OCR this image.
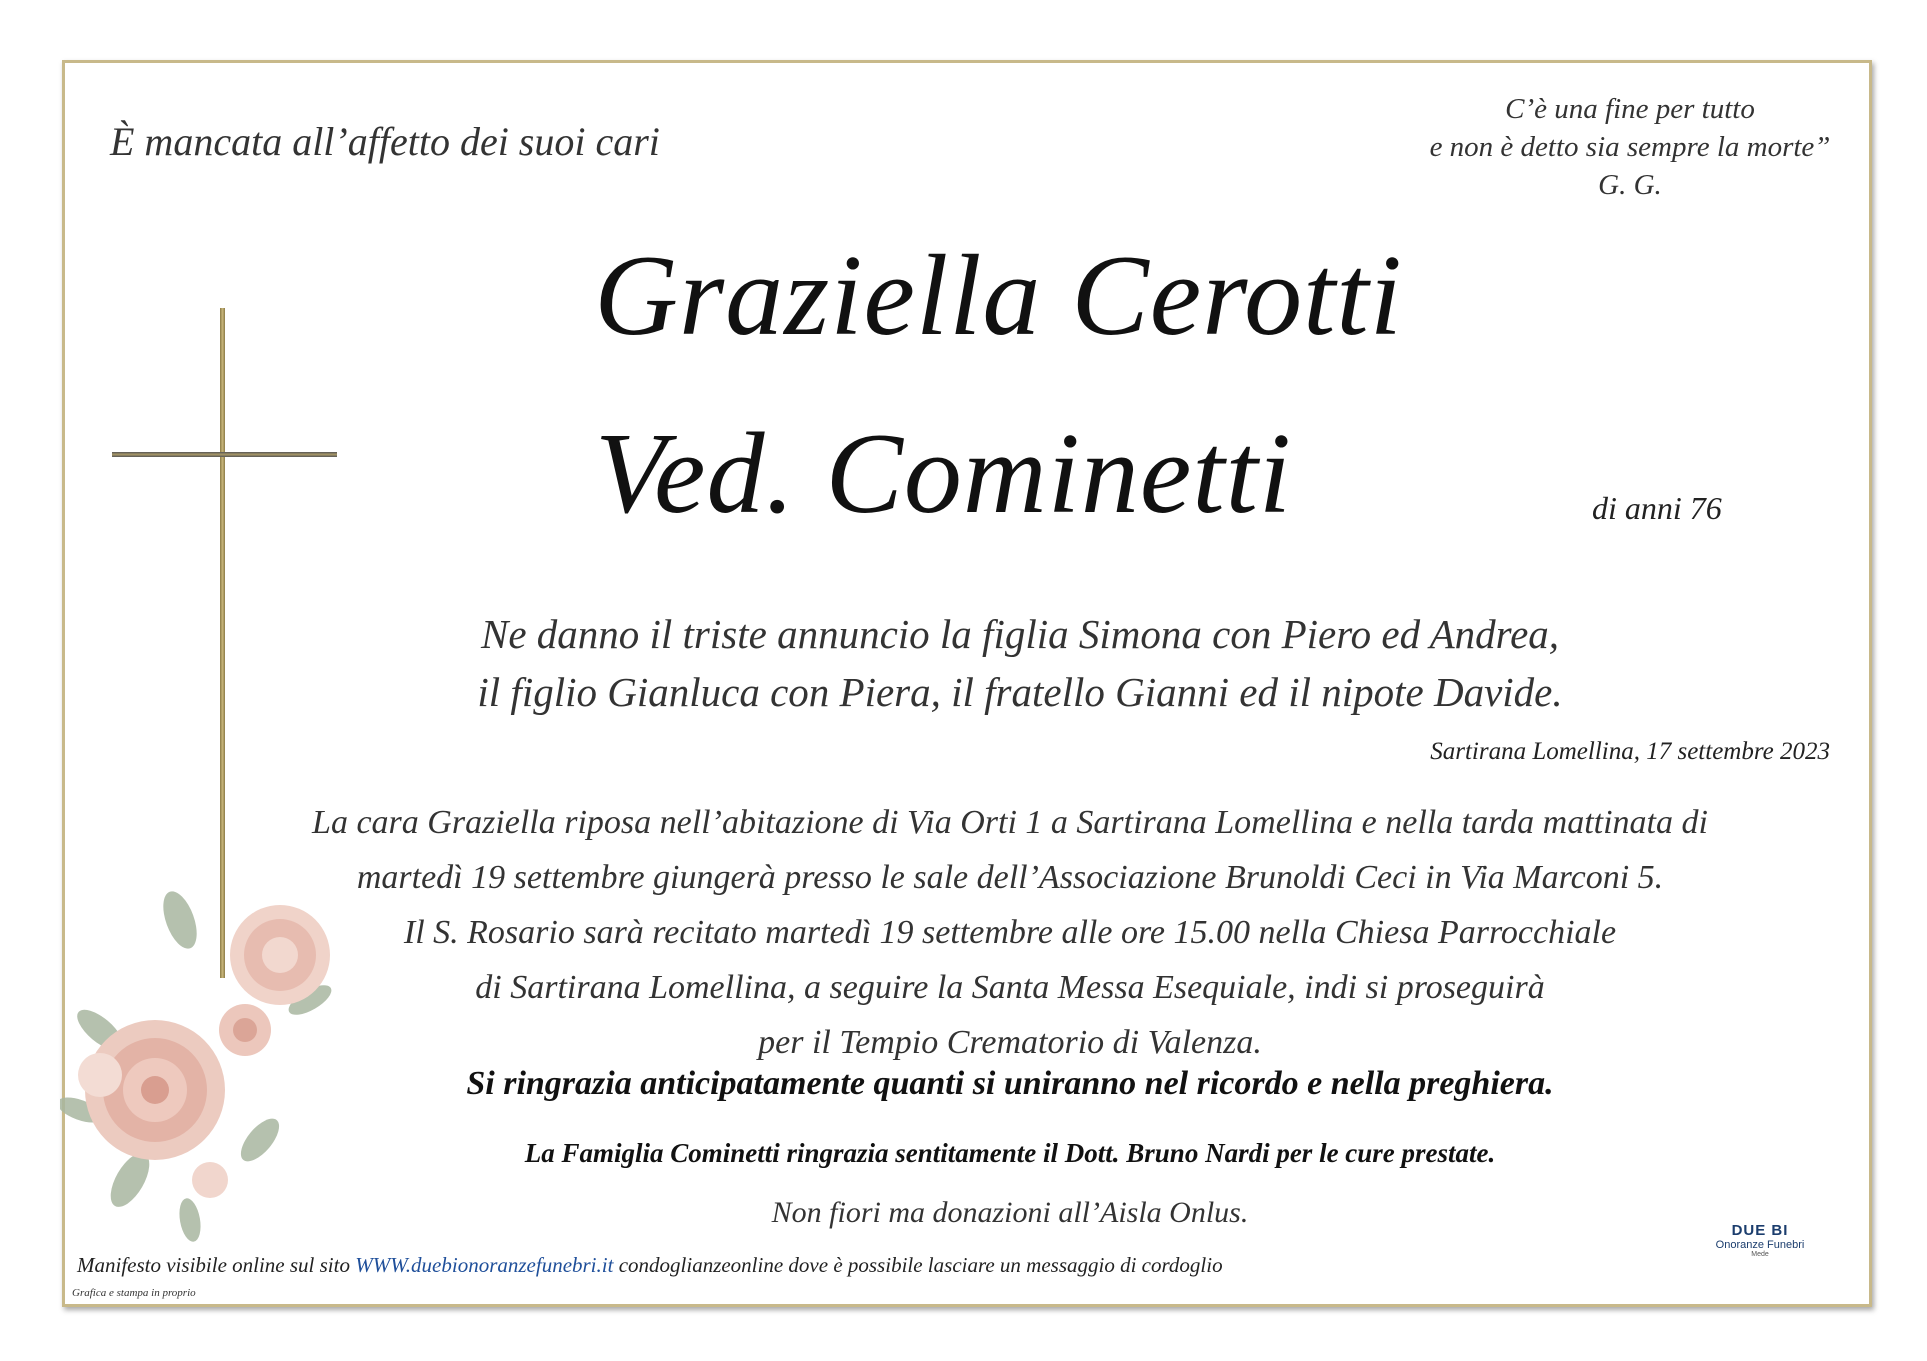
È mancata all’affetto dei suoi cari
C’è una fine per tutto
e non è detto sia sempre la morte”
G. G.
Graziella Cerotti
Ved. Cominetti	di anni 76
Ne danno il triste annuncio la figlia Simona con Piero ed Andrea,
il figlio Gianluca con Piera, il fratello Gianni ed il nipote Davide.
Sartirana Lomellina, 17 settembre 2023
La cara Graziella riposa nell’abitazione di Via Orti 1 a Sartirana Lomellina e nella tarda mattinata di
martedì 19 settembre giungerà presso le sale dell’Associazione Brunoldi Ceci in Via Marconi 5.
Il S. Rosario sarà recitato martedì 19 settembre alle ore 15.00 nella Chiesa Parrocchiale
di Sartirana Lomellina, a seguire la Santa Messa Esequiale, indi si proseguirà
per il Tempio Crematorio di Valenza.
Si ringrazia anticipatamente quanti si uniranno nel ricordo e nella preghiera.
La Famiglia Cominetti ringrazia sentitamente il Dott. Bruno Nardi per le cure prestate.
Non fiori ma donazioni all’Aisla Onlus.
Manifesto visibile online sul sito WWW.duebionoranzefunebri.it condoglianzeonline dove è possibile lasciare un messaggio di cordoglio
Grafica e stampa in proprio
DUE BI
Onoranze Funebri
Mede
